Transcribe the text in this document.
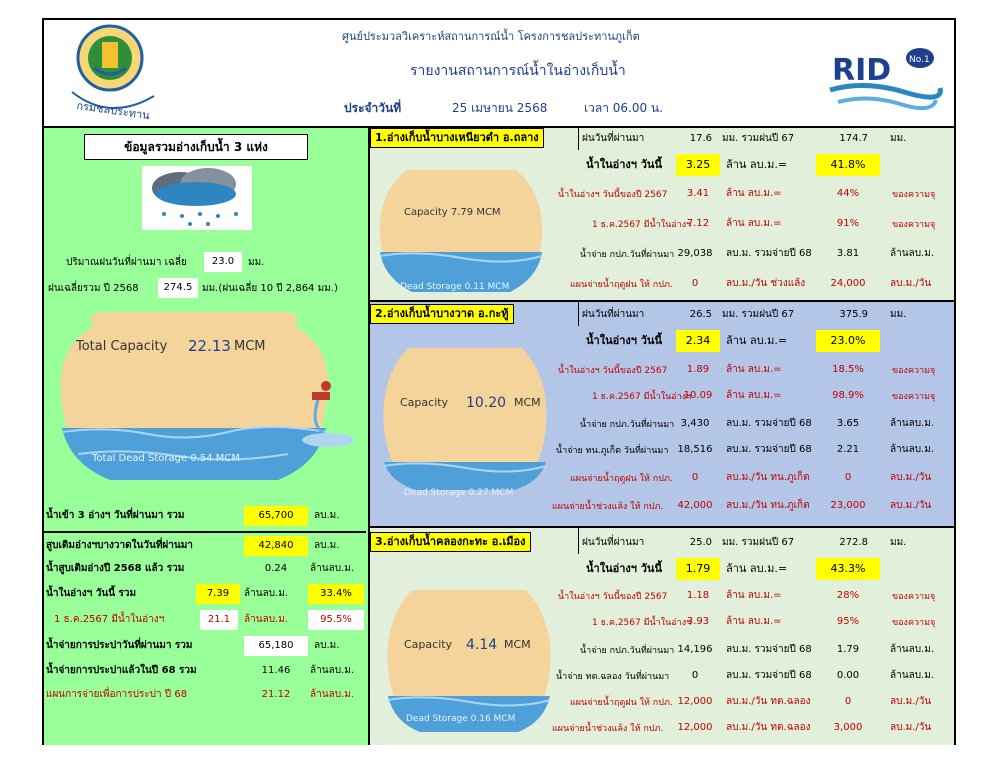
กรมชลประทาน
ศูนย์ประมวลวิเคราะห์สถานการณ์น้ำ โครงการชลประทานภูเก็ต
รายงานสถานการณ์น้ำในอ่างเก็บน้ำ
ประจำวันที่	25 เมษายน 2568	เวลา 06.00 น.
RID No.1
ข้อมูลรวมอ่างเก็บน้ำ 3 แห่ง
ปริมาณฝนวันที่ผ่านมา เฉลี่ย	23.0	มม.
ฝนเฉลี่ยรวม ปี 2568	274.5 มม.(ฝนเฉลี่ย 10 ปี 2,864 มม.)
Total Capacity 22.13 MCM
Total Dead Storage 0.54 MCM
น้ำเข้า 3 อ่างฯ วันที่ผ่านมา รวม	65,700	ลบ.ม.
สูบเติมอ่างฯบางวาดในวันที่ผ่านมา	42,840	ลบ.ม.
น้ำสูบเติมอ่างปี 2568 แล้ว รวม	0.24	ล้านลบ.ม.
น้ำในอ่างฯ วันนี้ รวม	7.39	ล้านลบ.ม.	33.4%
1 ธ.ค.2567 มีน้ำในอ่างฯ	21.1	ล้านลบ.ม.	95.5%
น้ำจ่ายการประปาวันที่ผ่านมา รวม	65,180	ลบ.ม.
น้ำจ่ายการประปาแล้วในปี 68 รวม	11.46	ล้านลบ.ม.
แผนการจ่ายเพื่อการประปา ปี 68	21.12	ล้านลบ.ม.
1.อ่างเก็บน้ำบางเหนียวดำ อ.ถลาง
Capacity 7.79 MCM
Dead Storage 0.11 MCM
ฝนวันที่ผ่านมา	17.6 มม. รวมฝนปี 67	174.7 มม.
น้ำในอ่างฯ วันนี้	3.25	ล้าน ลบ.ม.=	41.8%
น้ำในอ่างฯ วันนี้ของปี 2567	3.41	ล้าน ลบ.ม.=	44%	ของความจุ
1 ธ.ค.2567 มีน้ำในอ่างฯ
7.12	ล้าน ลบ.ม.=	91%	ของความจุ
น้ำจ่าย กปภ.วันที่ผ่านมา 29,038	ลบ.ม. รวมจ่ายปี 68	3.81	ล้านลบ.ม.
แผนจ่ายน้ำฤดูฝน ให้ กปภ.	0	ลบ.ม./วัน ช่วงแล้ง	24,000	ลบ.ม./วัน
2.อ่างเก็บน้ำบางวาด อ.กะทู้
Capacity 10.20 MCM
Dead Storage 0.27 MCM
ฝนวันที่ผ่านมา	26.5 มม. รวมฝนปี 67	375.9 มม.
น้ำในอ่างฯ วันนี้	2.34	ล้าน ลบ.ม.=	23.0%
น้ำในอ่างฯ วันนี้ของปี 2567	1.89	ล้าน ลบ.ม.=	18.5%	ของความจุ
1 ธ.ค.2567 มีน้ำในอ่างฯ
10.09	ล้าน ลบ.ม.=	98.9%	ของความจุ
น้ำจ่าย กปภ.วันที่ผ่านมา 3,430	ลบ.ม. รวมจ่ายปี 68	3.65	ล้านลบ.ม.
น้ำจ่าย ทน.ภูเก็ต วันที่ผ่านมา 18,516	ลบ.ม. รวมจ่ายปี 68	2.21	ล้านลบ.ม.
แผนจ่ายน้ำฤดูฝน ให้ กปภ.	0	ลบ.ม./วัน ทน.ภูเก็ต	0	ลบ.ม./วัน
แผนจ่ายน้ำช่วงแล้ง ให้ กปภ.	42,000	ลบ.ม./วัน ทน.ภูเก็ต	23,000	ลบ.ม./วัน
3.อ่างเก็บน้ำคลองกะทะ อ.เมือง
Capacity 4.14 MCM
Dead Storage 0.16 MCM
ฝนวันที่ผ่านมา	25.0 มม. รวมฝนปี 67	272.8 มม.
น้ำในอ่างฯ วันนี้	1.79	ล้าน ลบ.ม.=	43.3%
น้ำในอ่างฯ วันนี้ของปี 2567	1.18	ล้าน ลบ.ม.=	28%	ของความจุ
1 ธ.ค.2567 มีน้ำในอ่างฯ
3.93	ล้าน ลบ.ม.=	95%	ของความจุ
น้ำจ่าย กปภ.วันที่ผ่านมา 14,196	ลบ.ม. รวมจ่ายปี 68	1.79	ล้านลบ.ม.
น้ำจ่าย ทต.ฉลอง วันที่ผ่านมา	0	ลบ.ม. รวมจ่ายปี 68	0.00	ล้านลบ.ม.
แผนจ่ายน้ำฤดูฝน ให้ กปภ. 12,000	ลบ.ม./วัน ทต.ฉลอง	0	ลบ.ม./วัน
แผนจ่ายน้ำช่วงแล้ง ให้ กปภ.	12,000	ลบ.ม./วัน ทต.ฉลอง	3,000	ลบ.ม./วัน
